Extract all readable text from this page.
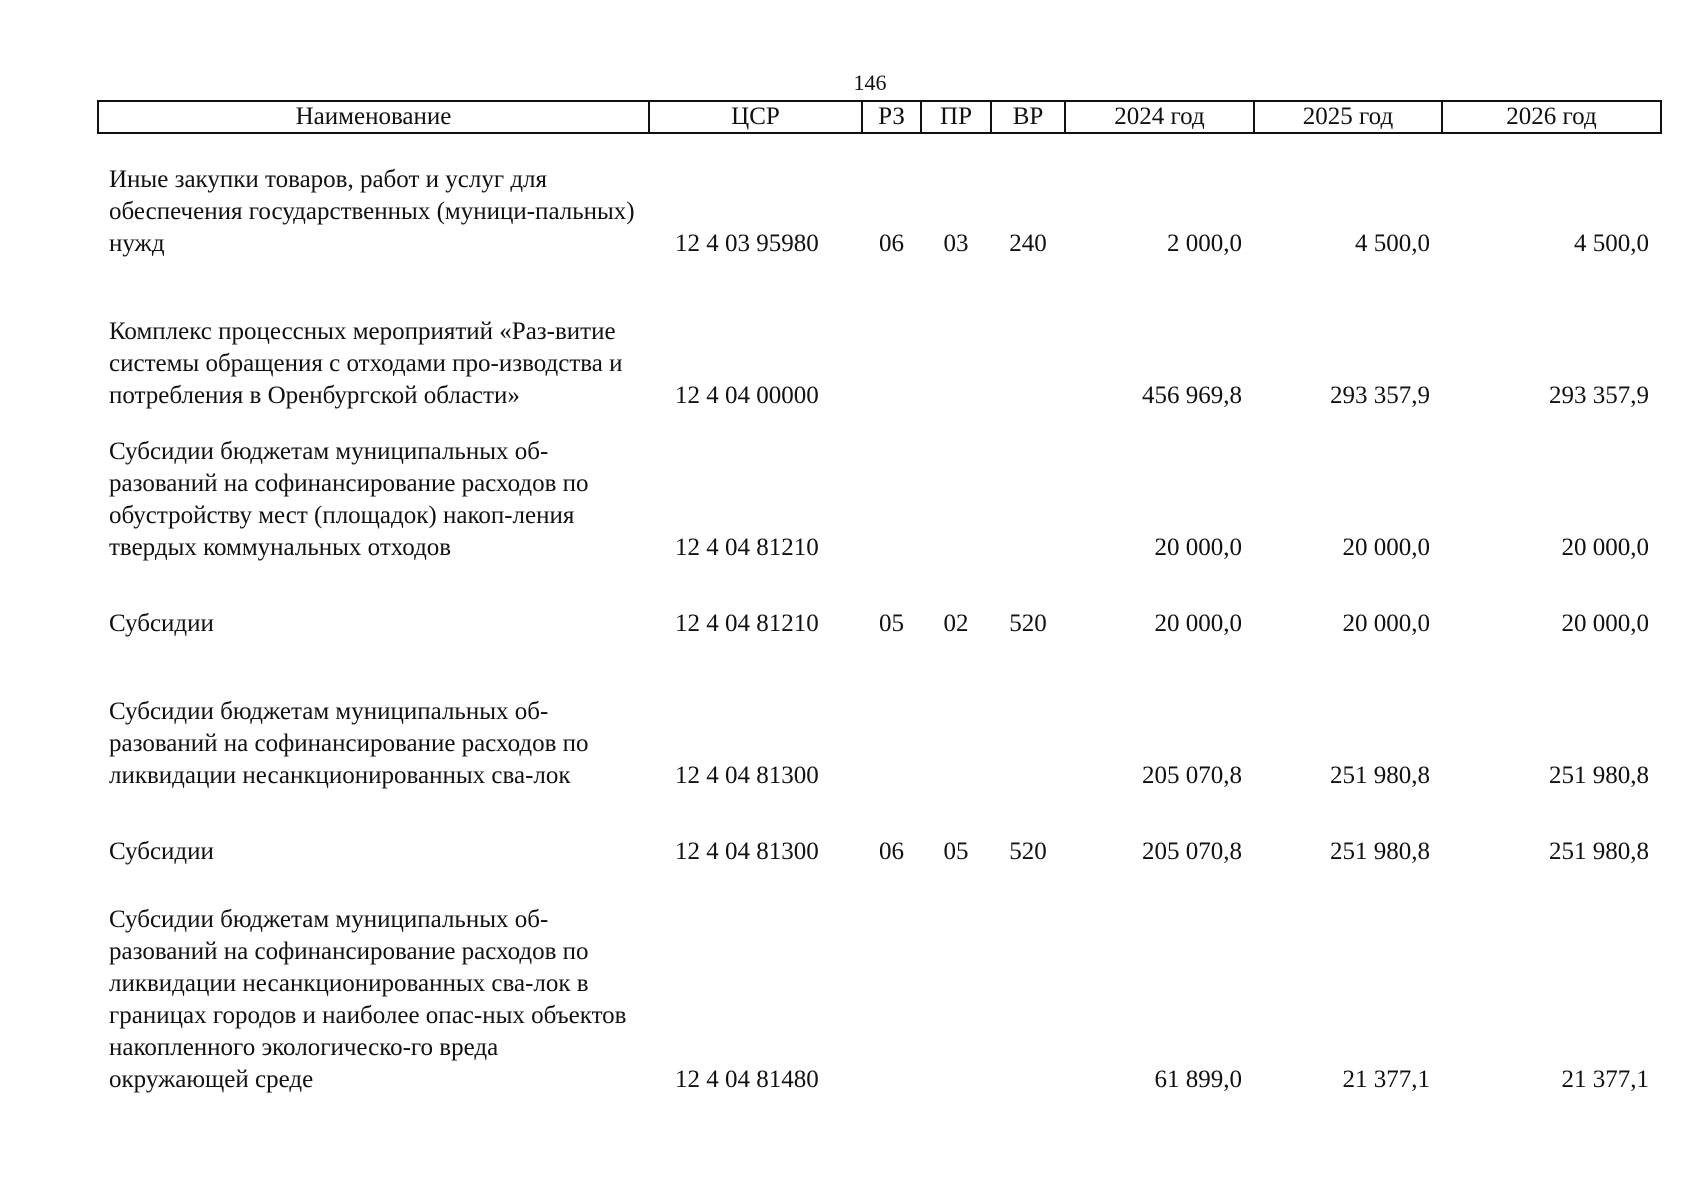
146
Наименование	ЦСР	РЗ	ПР	ВР	2024 год	2025 год	2026 год
Иные закупки товаров, работ и услуг для обеспечения государственных (муници-пальных) нужд	12 4 03 95980	06	03	240	2 000,0	4 500,0	4 500,0
Комплекс процессных мероприятий «Раз-витие системы обращения с отходами про-изводства и потребления в Оренбургской области»	12 4 04 00000				456 969,8	293 357,9	293 357,9
Субсидии бюджетам муниципальных об-разований на софинансирование расходов по обустройству мест (площадок) накоп-ления твердых коммунальных отходов	12 4 04 81210				20 000,0	20 000,0	20 000,0
Субсидии	12 4 04 81210	05	02	520	20 000,0	20 000,0	20 000,0
Субсидии бюджетам муниципальных об-разований на софинансирование расходов по ликвидации несанкционированных сва-лок	12 4 04 81300				205 070,8	251 980,8	251 980,8
Субсидии	12 4 04 81300	06	05	520	205 070,8	251 980,8	251 980,8
Субсидии бюджетам муниципальных об-разований на софинансирование расходов по ликвидации несанкционированных сва-лок в границах городов и наиболее опас-ных объектов накопленного экологическо-го вреда окружающей среде	12 4 04 81480				61 899,0	21 377,1	21 377,1
